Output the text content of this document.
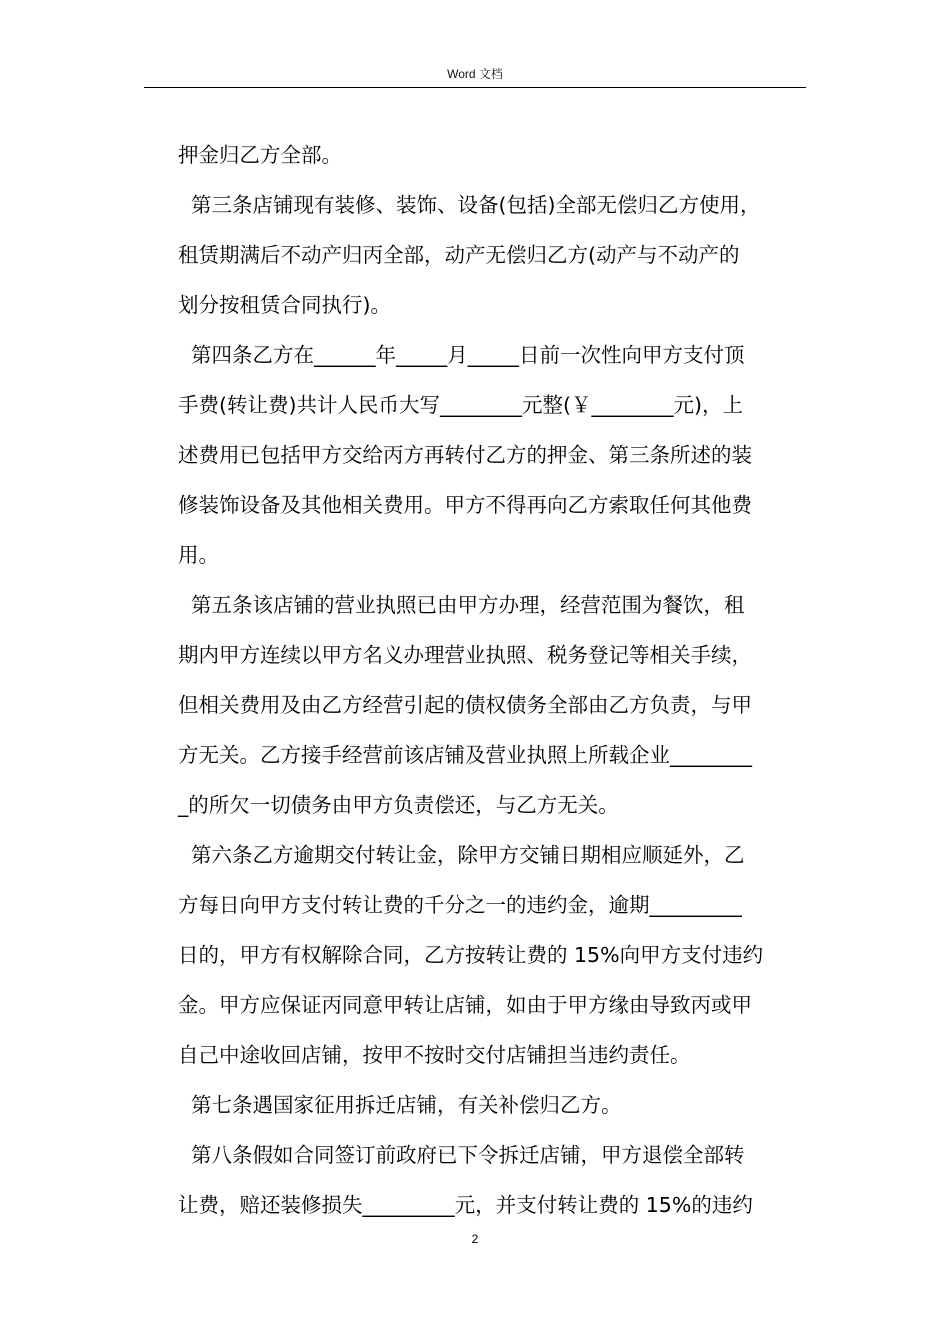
Word 文档
押金归乙方全部。
第三条店铺现有装修、装饰、设备(包括)全部无偿归乙方使用，
租赁期满后不动产归丙全部，动产无偿归乙方(动产与不动产的
划分按租赁合同执行)。
第四条乙方在______年_____月_____日前一次性向甲方支付顶
手费(转让费)共计人民币大写________元整(￥________元)，上
述费用已包括甲方交给丙方再转付乙方的押金、第三条所述的装
修装饰设备及其他相关费用。甲方不得再向乙方索取任何其他费
用。
第五条该店铺的营业执照已由甲方办理，经营范围为餐饮，租
期内甲方连续以甲方名义办理营业执照、税务登记等相关手续，
但相关费用及由乙方经营引起的债权债务全部由乙方负责，与甲
方无关。乙方接手经营前该店铺及营业执照上所载企业________
_的所欠一切债务由甲方负责偿还，与乙方无关。
第六条乙方逾期交付转让金，除甲方交铺日期相应顺延外，乙
方每日向甲方支付转让费的千分之一的违约金，逾期_________
日的，甲方有权解除合同，乙方按转让费的 15%向甲方支付违约
金。甲方应保证丙同意甲转让店铺，如由于甲方缘由导致丙或甲
自己中途收回店铺，按甲不按时交付店铺担当违约责任。
第七条遇国家征用拆迁店铺，有关补偿归乙方。
第八条假如合同签订前政府已下令拆迁店铺，甲方退偿全部转
让费，赔还装修损失_________元，并支付转让费的 15%的违约
2
